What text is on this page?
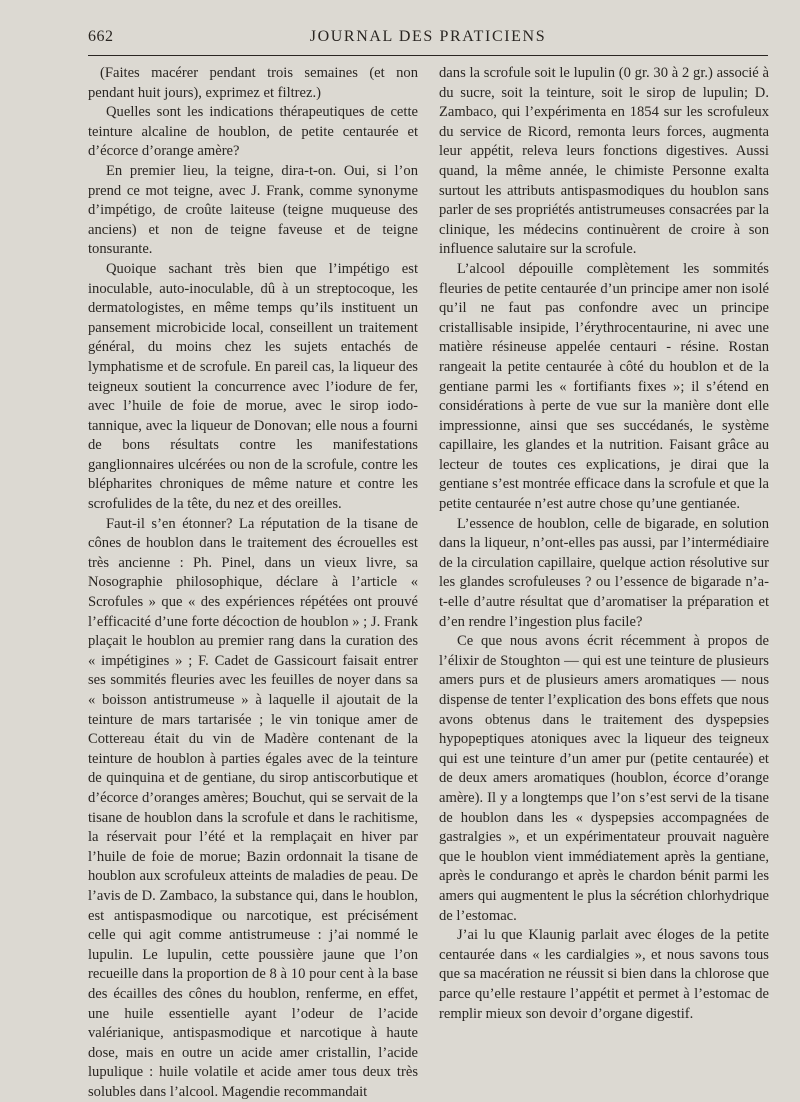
662	JOURNAL DES PRATICIENS

(Faites macérer pendant trois semaines (et non pendant huit jours), exprimez et filtrez.)

Quelles sont les indications thérapeutiques de cette teinture alcaline de houblon, de petite centaurée et d’écorce d’orange amère?

En premier lieu, la teigne, dira-t-on. Oui, si l’on prend ce mot teigne, avec J. Frank, comme synonyme d’impétigo, de croûte laiteuse (teigne muqueuse des anciens) et non de teigne faveuse et de teigne tonsurante.

Quoique sachant très bien que l’impétigo est inoculable, auto-inoculable, dû à un streptocoque, les dermatologistes, en même temps qu’ils instituent un pansement microbicide local, conseillent un traitement général, du moins chez les sujets entachés de lymphatisme et de scrofule. En pareil cas, la liqueur des teigneux soutient la concurrence avec l’iodure de fer, avec l’huile de foie de morue, avec le sirop iodo-tannique, avec la liqueur de Donovan; elle nous a fourni de bons résultats contre les manifestations ganglionnaires ulcérées ou non de la scrofule, contre les blépharites chroniques de même nature et contre les scrofulides de la tête, du nez et des oreilles.

Faut-il s’en étonner? La réputation de la tisane de cônes de houblon dans le traitement des écrouelles est très ancienne : Ph. Pinel, dans un vieux livre, sa Nosographie philosophique, déclare à l’article « Scrofules » que « des expériences répétées ont prouvé l’efficacité d’une forte décoction de houblon » ; J. Frank plaçait le houblon au premier rang dans la curation des « impétigines » ; F. Cadet de Gassicourt faisait entrer ses sommités fleuries avec les feuilles de noyer dans sa « boisson antistrumeuse » à laquelle il ajoutait de la teinture de mars tartarisée ; le vin tonique amer de Cottereau était du vin de Madère contenant de la teinture de houblon à parties égales avec de la teinture de quinquina et de gentiane, du sirop antiscorbutique et d’écorce d’oranges amères; Bouchut, qui se servait de la tisane de houblon dans la scrofule et dans le rachitisme, la réservait pour l’été et la remplaçait en hiver par l’huile de foie de morue; Bazin ordonnait la tisane de houblon aux scrofuleux atteints de maladies de peau. De l’avis de D. Zambaco, la substance qui, dans le houblon, est antispasmodique ou narcotique, est précisément celle qui agit comme antistrumeuse : j’ai nommé le lupulin. Le lupulin, cette poussière jaune que l’on recueille dans la proportion de 8 à 10 pour cent à la base des écailles des cônes du houblon, renferme, en effet, une huile essentielle ayant l’odeur de l’acide valérianique, antispasmodique et narcotique à haute dose, mais en outre un acide amer cristallin, l’acide lupulique : huile volatile et acide amer tous deux très solubles dans l’alcool. Magendie recommandait

dans la scrofule soit le lupulin (0 gr. 30 à 2 gr.) associé à du sucre, soit la teinture, soit le sirop de lupulin; D. Zambaco, qui l’expérimenta en 1854 sur les scrofuleux du service de Ricord, remonta leurs forces, augmenta leur appétit, releva leurs fonctions digestives. Aussi quand, la même année, le chimiste Personne exalta surtout les attributs antispasmodiques du houblon sans parler de ses propriétés antistrumeuses consacrées par la clinique, les médecins continuèrent de croire à son influence salutaire sur la scrofule.

L’alcool dépouille complètement les sommités fleuries de petite centaurée d’un principe amer non isolé qu’il ne faut pas confondre avec un principe cristallisable insipide, l’érythrocentaurine, ni avec une matière résineuse appelée centauri - résine. Rostan rangeait la petite centaurée à côté du houblon et de la gentiane parmi les « fortifiants fixes »; il s’étend en considérations à perte de vue sur la manière dont elle impressionne, ainsi que ses succédanés, le système capillaire, les glandes et la nutrition. Faisant grâce au lecteur de toutes ces explications, je dirai que la gentiane s’est montrée efficace dans la scrofule et que la petite centaurée n’est autre chose qu’une gentianée.

L’essence de houblon, celle de bigarade, en solution dans la liqueur, n’ont-elles pas aussi, par l’intermédiaire de la circulation capillaire, quelque action résolutive sur les glandes scrofuleuses ? ou l’essence de bigarade n’a-t-elle d’autre résultat que d’aromatiser la préparation et d’en rendre l’ingestion plus facile?

Ce que nous avons écrit récemment à propos de l’élixir de Stoughton — qui est une teinture de plusieurs amers purs et de plusieurs amers aromatiques — nous dispense de tenter l’explication des bons effets que nous avons obtenus dans le traitement des dyspepsies hypopeptiques atoniques avec la liqueur des teigneux qui est une teinture d’un amer pur (petite centaurée) et de deux amers aromatiques (houblon, écorce d’orange amère). Il y a longtemps que l’on s’est servi de la tisane de houblon dans les « dyspepsies accompagnées de gastralgies », et un expérimentateur prouvait naguère que le houblon vient immédiatement après la gentiane, après le condurango et après le chardon bénit parmi les amers qui augmentent le plus la sécrétion chlorhydrique de l’estomac.

J’ai lu que Klaunig parlait avec éloges de la petite centaurée dans « les cardialgies », et nous savons tous que sa macération ne réussit si bien dans la chlorose que parce qu’elle restaure l’appétit et permet à l’estomac de remplir mieux son devoir d’organe digestif.
